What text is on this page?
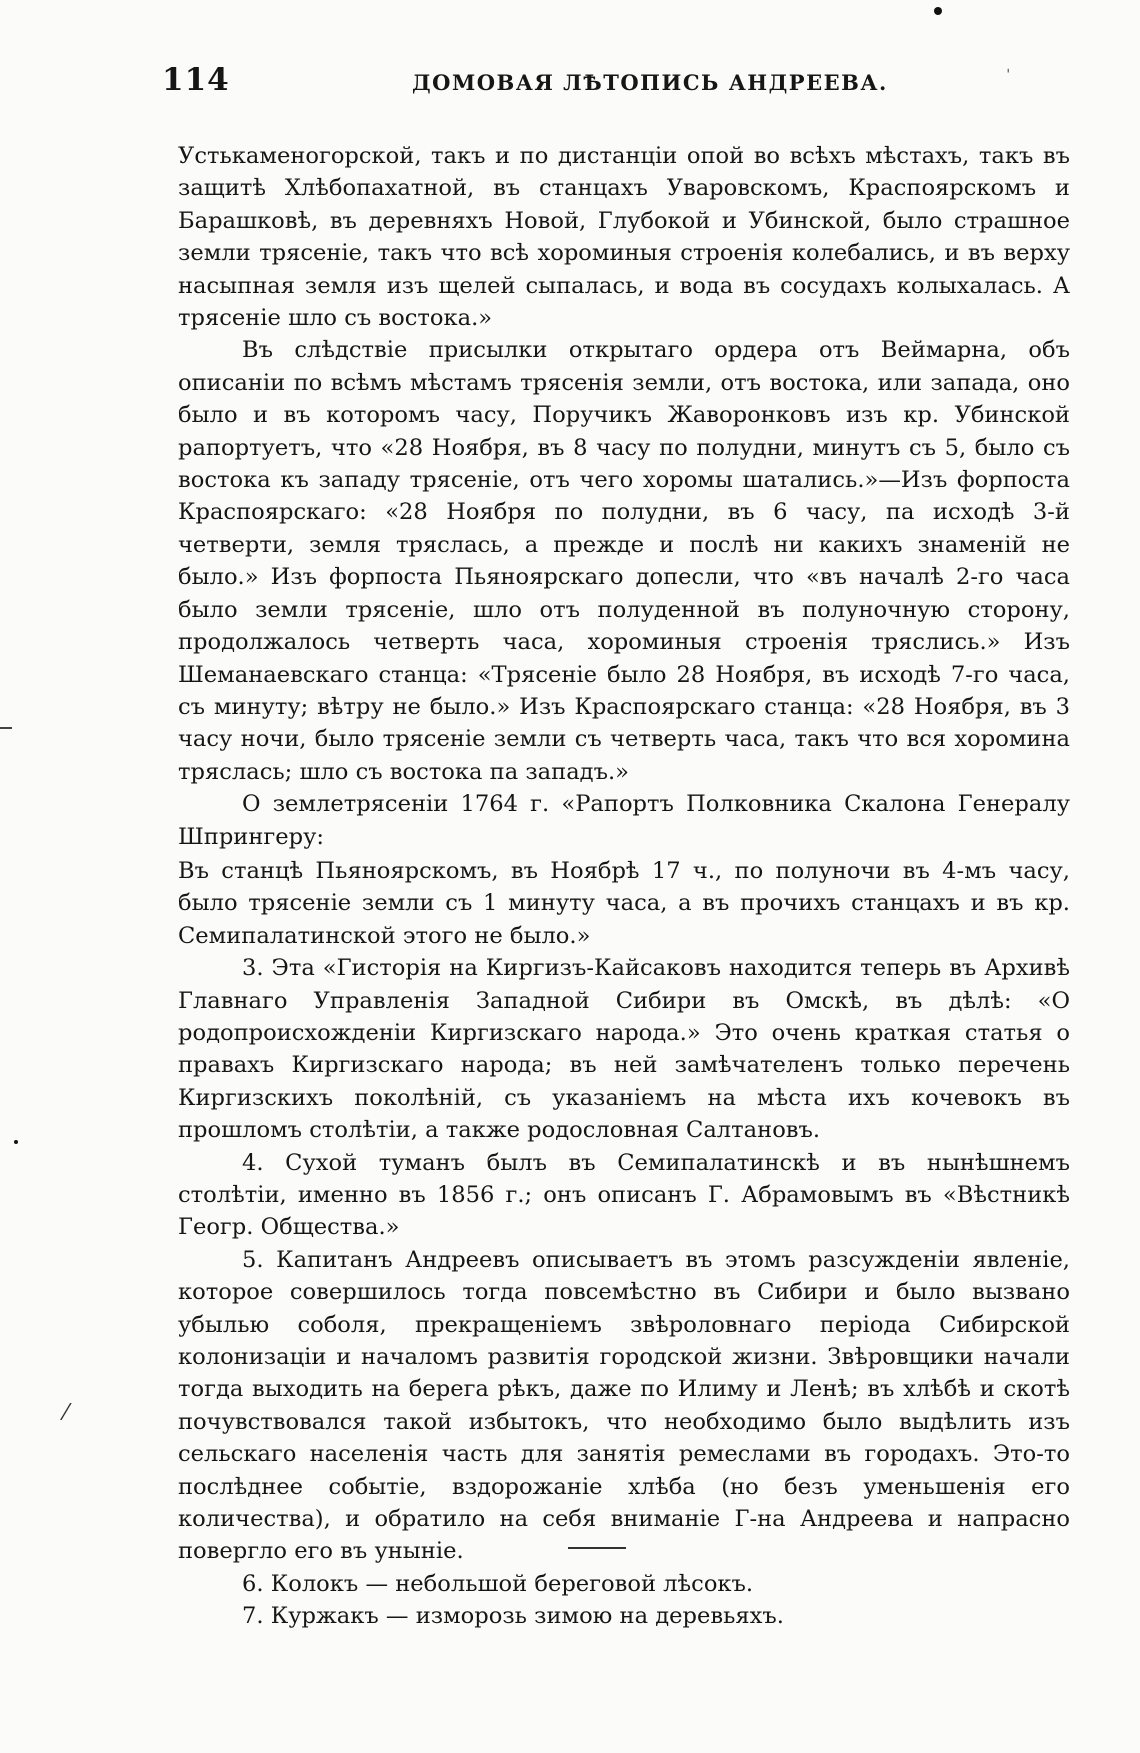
114	ДОМОВАЯ ЛѢТОПИСЬ АНДРЕЕВА.

Устькаменогорской, такъ и по дистанціи опой во всѣхъ мѣстахъ, такъ въ защитѣ Хлѣбопахатной, въ станцахъ Уваровскомъ, Краспоярскомъ и Барашковѣ, въ деревняхъ Новой, Глубокой и Убинской, было страшное земли трясеніе, такъ что всѣ хороминыя строенія колебались, и въ верху насыпная земля изъ щелей сыпалась, и вода въ сосудахъ колыхалась. А трясеніе шло съ востока.»

Въ слѣдствіе присылки открытаго ордера отъ Веймарна, объ описаніи по всѣмъ мѣстамъ трясенія земли, отъ востока, или запада, оно было и въ которомъ часу, Поручикъ Жаворонковъ изъ кр. Убинской рапортуетъ, что «28 Ноября, въ 8 часу по полудни, минутъ съ 5, было съ востока къ западу трясеніе, отъ чего хоромы шатались.»—Изъ форпоста Краспоярскаго: «28 Ноября по полудни, въ 6 часу, па исходѣ 3-й четверти, земля тряслась, а прежде и послѣ ни какихъ знаменій не было.» Изъ форпоста Пьяноярскаго допесли, что «въ началѣ 2-го часа было земли трясеніе, шло отъ полуденной въ полуночную сторону, продолжалось четверть часа, хороминыя строенія тряслись.» Изъ Шеманаевскаго станца: «Трясеніе было 28 Ноября, въ исходѣ 7-го часа, съ минуту; вѣтру не было.» Изъ Краспоярскаго станца: «28 Ноября, въ 3 часу ночи, было трясеніе земли съ четверть часа, такъ что вся хоромина тряслась; шло съ востока па западъ.»

О землетрясеніи 1764 г. «Рапортъ Полковника Скалона Генералу Шпрингеру:

Въ станцѣ Пьяноярскомъ, въ Ноябрѣ 17 ч., по полуночи въ 4-мъ часу, было трясеніе земли съ 1 минуту часа, а въ прочихъ станцахъ и въ кр. Семипалатинской этого не было.»

3. Эта «Гисторія на Киргизъ-Кайсаковъ находится теперь въ Архивѣ Главнаго Управленія Западной Сибири въ Омскѣ, въ дѣлѣ: «О родопроисхожденіи Киргизскаго народа.» Это очень краткая статья о правахъ Киргизскаго народа; въ ней замѣчателенъ только перечень Киргизскихъ поколѣній, съ указаніемъ на мѣста ихъ кочевокъ въ прошломъ столѣтіи, а также родословная Салтановъ.

4. Сухой туманъ былъ въ Семипалатинскѣ и въ нынѣшнемъ столѣтіи, именно въ 1856 г.; онъ описанъ Г. Абрамовымъ въ «Вѣстникѣ Геогр. Общества.»

5. Капитанъ Андреевъ описываетъ въ этомъ разсужденіи явленіе, которое совершилось тогда повсемѣстно въ Сибири и было вызвано убылью соболя, прекращеніемъ звѣроловнаго періода Сибирской колонизаціи и началомъ развитія городской жизни. Звѣровщики начали тогда выходить на берега рѣкъ, даже по Илиму и Ленѣ; въ хлѣбѣ и скотѣ почувствовался такой избытокъ, что необходимо было выдѣлить изъ сельскаго населенія часть для занятія ремеслами въ городахъ. Это-то послѣднее событіе, вздорожаніе хлѣба (но безъ уменьшенія его количества), и обратило на себя вниманіе Г-на Андреева и напрасно повергло его въ уныніе.

6. Колокъ — небольшой береговой лѣсокъ.

7. Куржакъ — изморозь зимою на деревьяхъ.

⁄
ˈ
